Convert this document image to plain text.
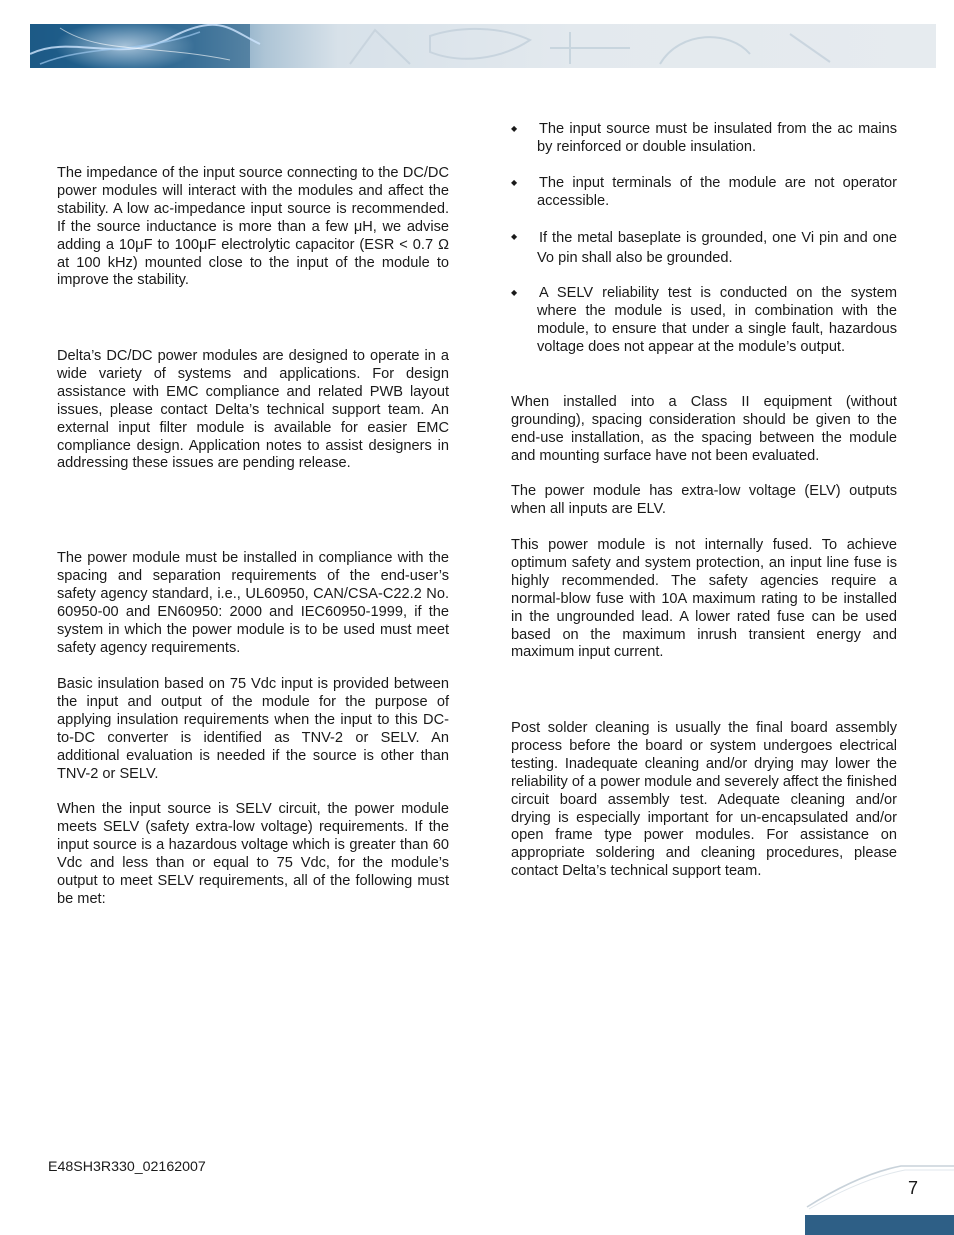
The impedance of the input source connecting to the DC/DC power modules will interact with the modules and affect the stability. A low ac-impedance input source is recommended. If the source inductance is more than a few μH, we advise adding a 10μF to 100μF electrolytic capacitor (ESR < 0.7 Ω at 100 kHz) mounted close to the input of the module to improve the stability.

Delta’s DC/DC power modules are designed to operate in a wide variety of systems and applications. For design assistance with EMC compliance and related PWB layout issues, please contact Delta’s technical support team. An external input filter module is available for easier EMC compliance design. Application notes to assist designers in addressing these issues are pending release.

The power module must be installed in compliance with the spacing and separation requirements of the end-user’s safety agency standard, i.e., UL60950, CAN/CSA-C22.2 No. 60950-00 and EN60950: 2000 and IEC60950-1999, if the system in which the power module is to be used must meet safety agency requirements.

Basic insulation based on 75 Vdc input is provided between the input and output of the module for the purpose of applying insulation requirements when the input to this DC-to-DC converter is identified as TNV-2 or SELV. An additional evaluation is needed if the source is other than TNV-2 or SELV.

When the input source is SELV circuit, the power module meets SELV (safety extra-low voltage) requirements. If the input source is a hazardous voltage which is greater than 60 Vdc and less than or equal to 75 Vdc, for the module’s output to meet SELV requirements, all of the following must be met:

◆ The input source must be insulated from the ac mains by reinforced or double insulation.
◆ The input terminals of the module are not operator accessible.
◆ If the metal baseplate is grounded, one Vi pin and one Vo pin shall also be grounded.
◆ A SELV reliability test is conducted on the system where the module is used, in combination with the module, to ensure that under a single fault, hazardous voltage does not appear at the module’s output.

When installed into a Class II equipment (without grounding), spacing consideration should be given to the end-use installation, as the spacing between the module and mounting surface have not been evaluated.

The power module has extra-low voltage (ELV) outputs when all inputs are ELV.

This power module is not internally fused. To achieve optimum safety and system protection, an input line fuse is highly recommended. The safety agencies require a normal-blow fuse with 10A maximum rating to be installed in the ungrounded lead. A lower rated fuse can be used based on the maximum inrush transient energy and maximum input current.

Post solder cleaning is usually the final board assembly process before the board or system undergoes electrical testing. Inadequate cleaning and/or drying may lower the reliability of a power module and severely affect the finished circuit board assembly test. Adequate cleaning and/or drying is especially important for un-encapsulated and/or open frame type power modules. For assistance on appropriate soldering and cleaning procedures, please contact Delta’s technical support team.

E48SH3R330_02162007
7
